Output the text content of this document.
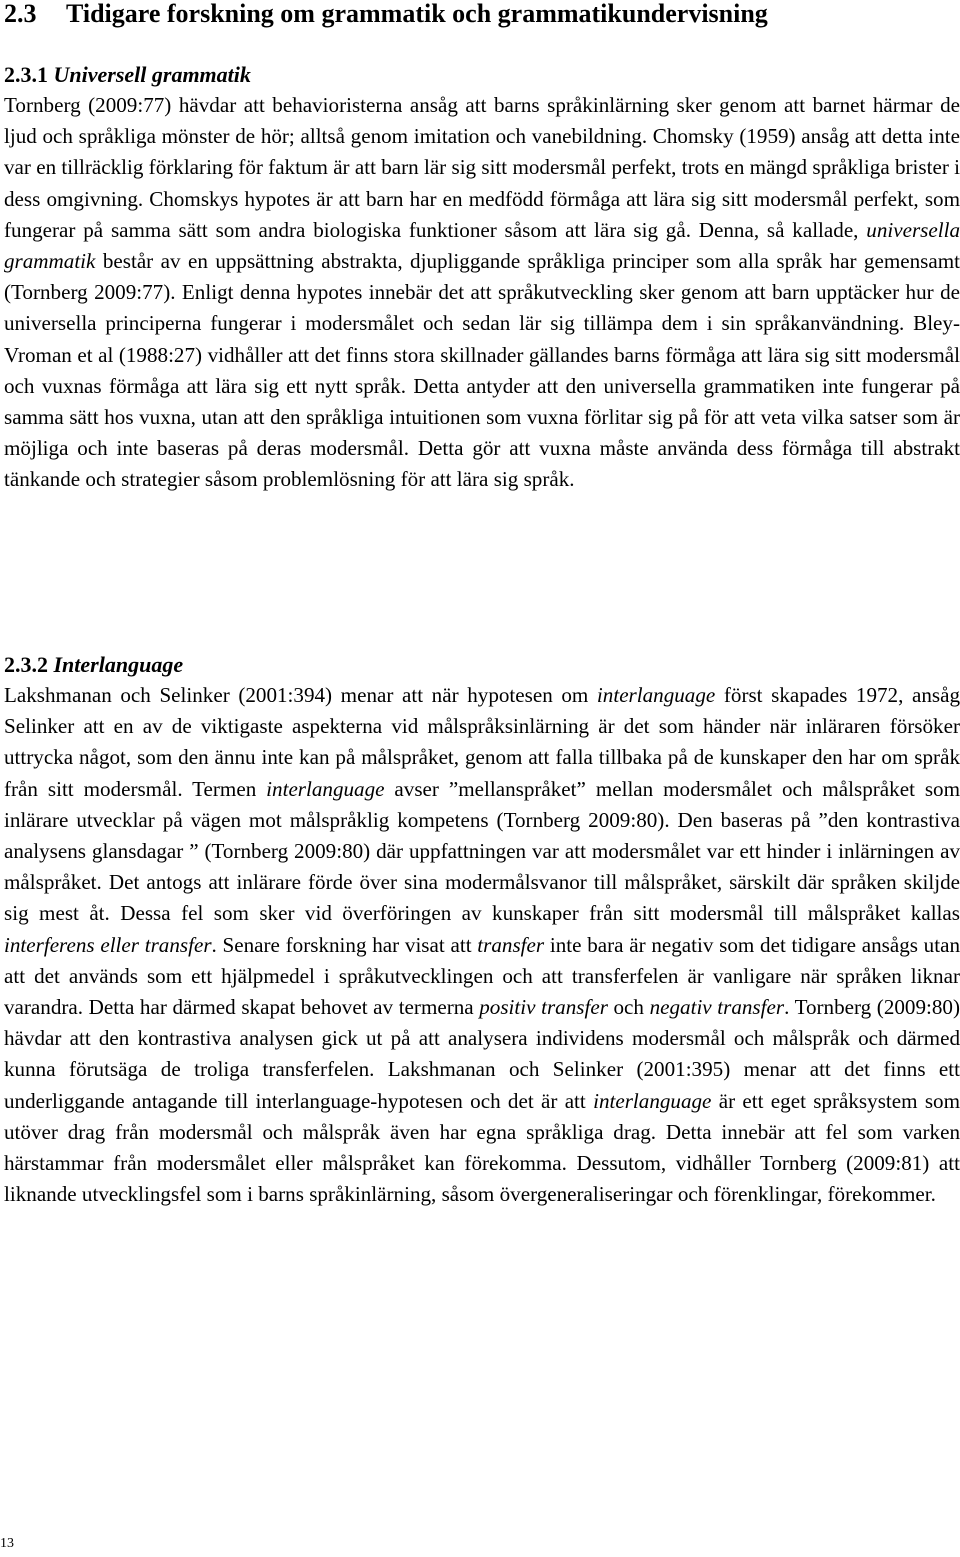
2.3 Tidigare forskning om grammatik och grammatikundervisning
2.3.1 Universell grammatik

Tornberg (2009:77) hävdar att behavioristerna ansåg att barns språkinlärning sker genom att barnet härmar de ljud och språkliga mönster de hör; alltså genom imitation och vanebildning. Chomsky (1959) ansåg att detta inte var en tillräcklig förklaring för faktum är att barn lär sig sitt modersmål perfekt, trots en mängd språkliga brister i dess omgivning. Chomskys hypotes är att barn har en medfödd förmåga att lära sig sitt modersmål perfekt, som fungerar på samma sätt som andra biologiska funktioner såsom att lära sig gå. Denna, så kallade, universella grammatik består av en uppsättning abstrakta, djupliggande språkliga principer som alla språk har gemensamt (Tornberg 2009:77). Enligt denna hypotes innebär det att språkutveckling sker genom att barn upptäcker hur de universella principerna fungerar i modersmålet och sedan lär sig tillämpa dem i sin språkanvändning. Bley-Vroman et al (1988:27) vidhåller att det finns stora skillnader gällandes barns förmåga att lära sig sitt modersmål och vuxnas förmåga att lära sig ett nytt språk. Detta antyder att den universella grammatiken inte fungerar på samma sätt hos vuxna, utan att den språkliga intuitionen som vuxna förlitar sig på för att veta vilka satser som är möjliga och inte baseras på deras modersmål. Detta gör att vuxna måste använda dess förmåga till abstrakt tänkande och strategier såsom problemlösning för att lära sig språk.

2.3.2 Interlanguage

Lakshmanan och Selinker (2001:394) menar att när hypotesen om interlanguage först skapades 1972, ansåg Selinker att en av de viktigaste aspekterna vid målspråksinlärning är det som händer när inläraren försöker uttrycka något, som den ännu inte kan på målspråket, genom att falla tillbaka på de kunskaper den har om språk från sitt modersmål. Termen interlanguage avser ”mellanspråket” mellan modersmålet och målspråket som inlärare utvecklar på vägen mot målspråklig kompetens (Tornberg 2009:80). Den baseras på ”den kontrastiva analysens glansdagar ” (Tornberg 2009:80) där uppfattningen var att modersmålet var ett hinder i inlärningen av målspråket. Det antogs att inlärare förde över sina modermålsvanor till målspråket, särskilt där språken skiljde sig mest åt. Dessa fel som sker vid överföringen av kunskaper från sitt modersmål till målspråket kallas interferens eller transfer. Senare forskning har visat att transfer inte bara är negativ som det tidigare ansågs utan att det används som ett hjälpmedel i språkutvecklingen och att transferfelen är vanligare när språken liknar varandra. Detta har därmed skapat behovet av termerna positiv transfer och negativ transfer. Tornberg (2009:80) hävdar att den kontrastiva analysen gick ut på att analysera individens modersmål och målspråk och därmed kunna förutsäga de troliga transferfelen. Lakshmanan och Selinker (2001:395) menar att det finns ett underliggande antagande till interlanguage-hypotesen och det är att interlanguage är ett eget språksystem som utöver drag från modersmål och målspråk även har egna språkliga drag. Detta innebär att fel som varken härstammar från modersmålet eller målspråket kan förekomma. Dessutom, vidhåller Tornberg (2009:81) att liknande utvecklingsfel som i barns språkinlärning, såsom övergeneraliseringar och förenklingar, förekommer.

13
